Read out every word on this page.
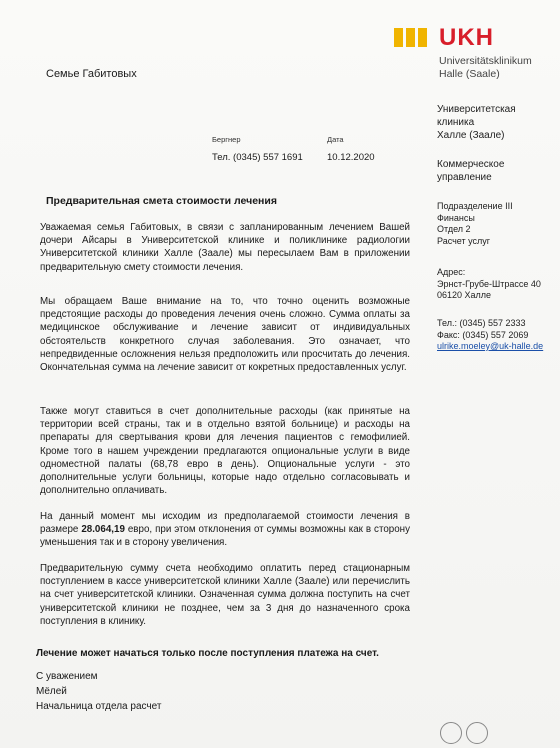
UKH
Universitätsklinikum
Halle (Saale)
Семье Габитовых
Бергнер	Дата
Тел. (0345) 557 1691	10.12.2020
Университетская
клиника
Халле (Заале)
Коммерческое
управление
Подразделение III
Финансы
Отдел 2
Расчет услуг
Адрес:
Эрнст-Грубе-Штрассе 40
06120 Халле
Тел.: (0345) 557 2333
Факс: (0345) 557 2069
ulrike.moeley@uk-halle.de
Предварительная смета стоимости лечения
Уважаемая семья Габитовых, в связи с запланированным лечением Вашей дочери Айсары в Университетской клинике и поликлинике радиологии Университетской клиники Халле (Заале) мы пересылаем Вам в приложении предварительную смету стоимости лечения.
Мы обращаем Ваше внимание на то, что точно оценить возможные предстоящие расходы до проведения лечения очень сложно. Сумма оплаты за медицинское обслуживание и лечение зависит от индивидуальных обстоятельств конкретного случая заболевания. Это означает, что непредвиденные осложнения нельзя предположить или просчитать до лечения. Окончательная сумма на лечение зависит от кокретных предоставленных услуг.
Также могут ставиться в счет дополнительные расходы (как принятые на территории всей страны, так и в отдельно взятой больнице) и расходы на препараты для свертывания крови для лечения пациентов с гемофилией. Кроме того в нашем учреждении предлагаются опциональные услуги в виде одноместной палаты (68,78 евро в день). Опциональные услуги - это дополнительные услуги больницы, которые надо отдельно согласовывать и дополнительно оплачивать.
На данный момент мы исходим из предполагаемой стоимости лечения в размере 28.064,19 евро, при этом отклонения от суммы возможны как в сторону уменьшения так и в сторону увеличения.
Предварительную сумму счета необходимо оплатить перед стационарным поступлением в кассе университетской клиники Халле (Заале) или перечислить на счет университетской клиники. Означенная сумма должна поступить на счет университетской клиники не позднее, чем за 3 дня до назначенного срока поступления в клинику.
Лечение может начаться только после поступления платежа на счет.
С уважением
Мёлей
Начальница отдела расчет
